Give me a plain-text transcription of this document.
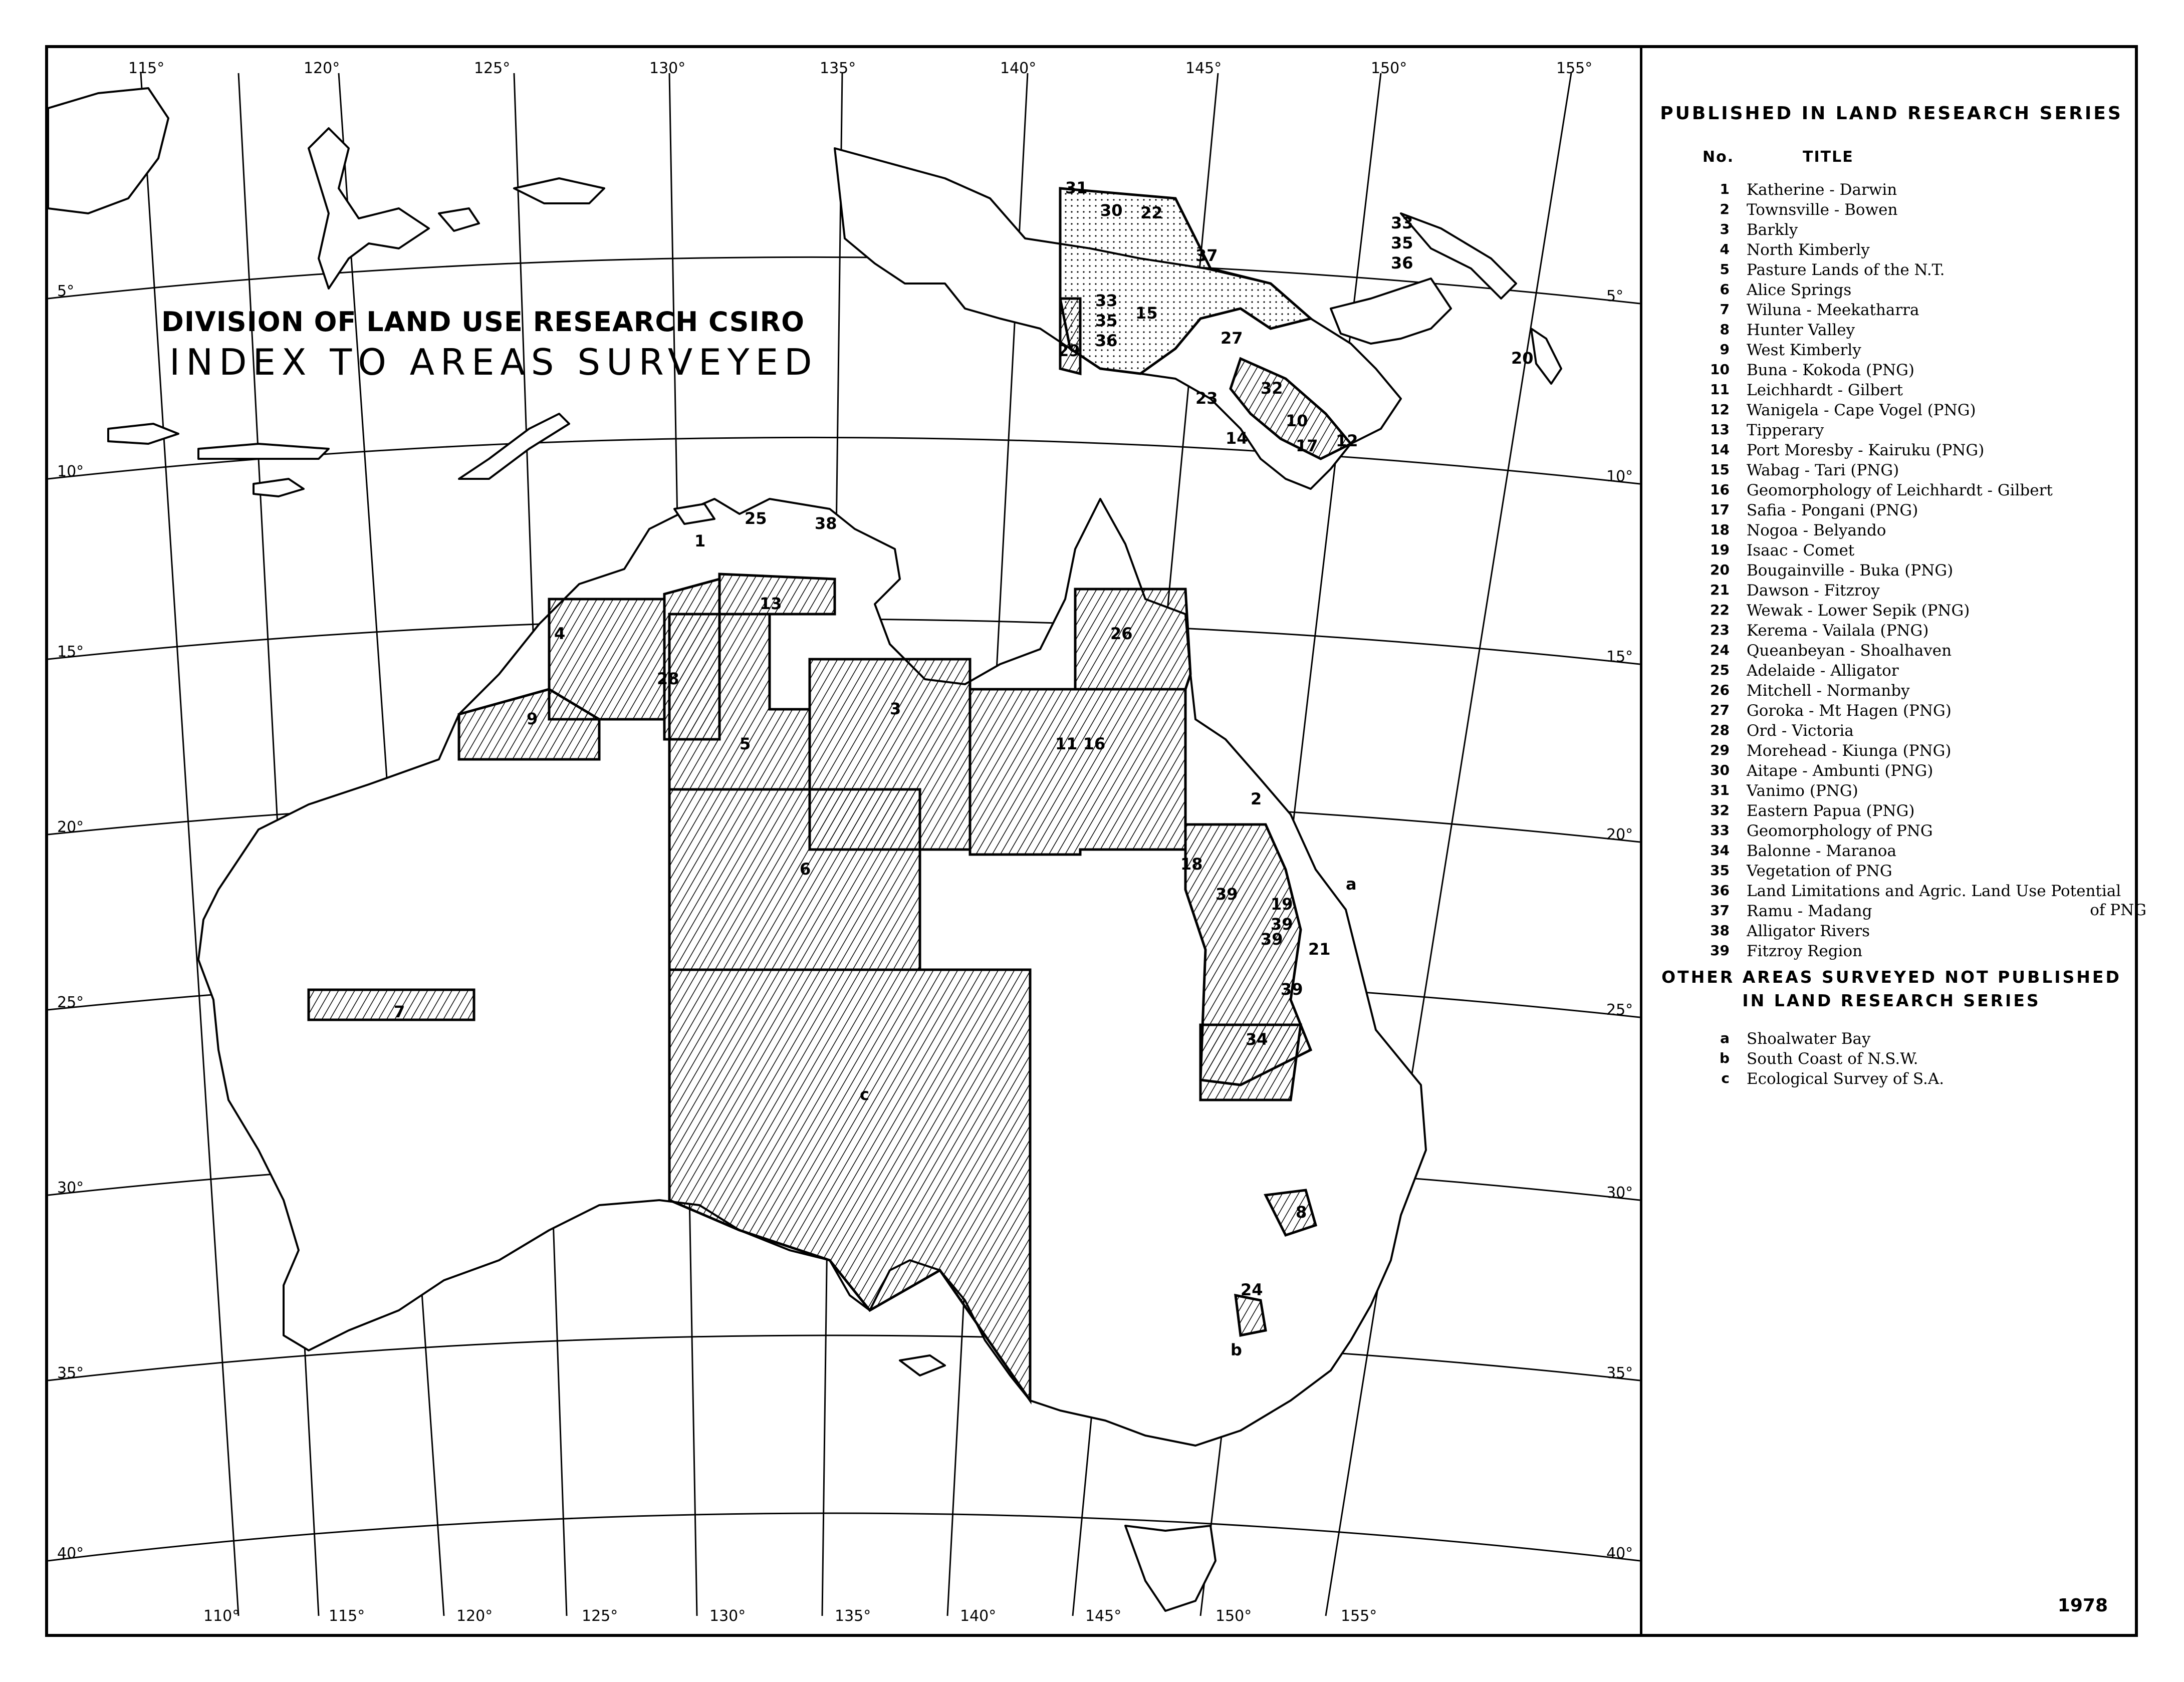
115°	120°	125°	130°	135°	140°	145°	150°	155°
110°	115°	120°	125°	130°	135°	140°	145°	150°	155°
5°
10°
15°
20°
25°
30°
35°
40°
5°
10°
15°
20°
25°
30°
35°
40°
1
2
3
4
5
6
7
8
9
10
11 16
12
13
14
15
17
18
19
20
21
22
23
24
25
26
27
28
29
30
31
32
33
35
36
33
35
36
34
37
38
39
39
39
39
a
b
c
DIVISION OF LAND USE RESEARCH CSIRO
INDEX TO AREAS SURVEYED
PUBLISHED IN LAND RESEARCH SERIES
No.	TITLE
1 Katherine - Darwin
2 Townsville - Bowen
3 Barkly
4 North Kimberly
5 Pasture Lands of the N.T.
6 Alice Springs
7 Wiluna - Meekatharra
8 Hunter Valley
9 West Kimberly
10 Buna - Kokoda (PNG)
11 Leichhardt - Gilbert
12 Wanigela - Cape Vogel (PNG)
13 Tipperary
14 Port Moresby - Kairuku (PNG)
15 Wabag - Tari (PNG)
16 Geomorphology of Leichhardt - Gilbert
17 Safia - Pongani (PNG)
18 Nogoa - Belyando
19 Isaac - Comet
20 Bougainville - Buka (PNG)
21 Dawson - Fitzroy
22 Wewak - Lower Sepik (PNG)
23 Kerema - Vailala (PNG)
24 Queanbeyan - Shoalhaven
25 Adelaide - Alligator
26 Mitchell - Normanby
27 Goroka - Mt Hagen (PNG)
28 Ord - Victoria
29 Morehead - Kiunga (PNG)
30 Aitape - Ambunti (PNG)
31 Vanimo (PNG)
32 Eastern Papua (PNG)
33 Geomorphology of PNG
34 Balonne - Maranoa
35 Vegetation of PNG
36 Land Limitations and Agric. Land Use Potential
of PNG
37 Ramu - Madang
38 Alligator Rivers
39 Fitzroy Region
OTHER AREAS SURVEYED NOT PUBLISHED
IN LAND RESEARCH SERIES
a Shoalwater Bay
b South Coast of N.S.W.
c Ecological Survey of S.A.
1978
